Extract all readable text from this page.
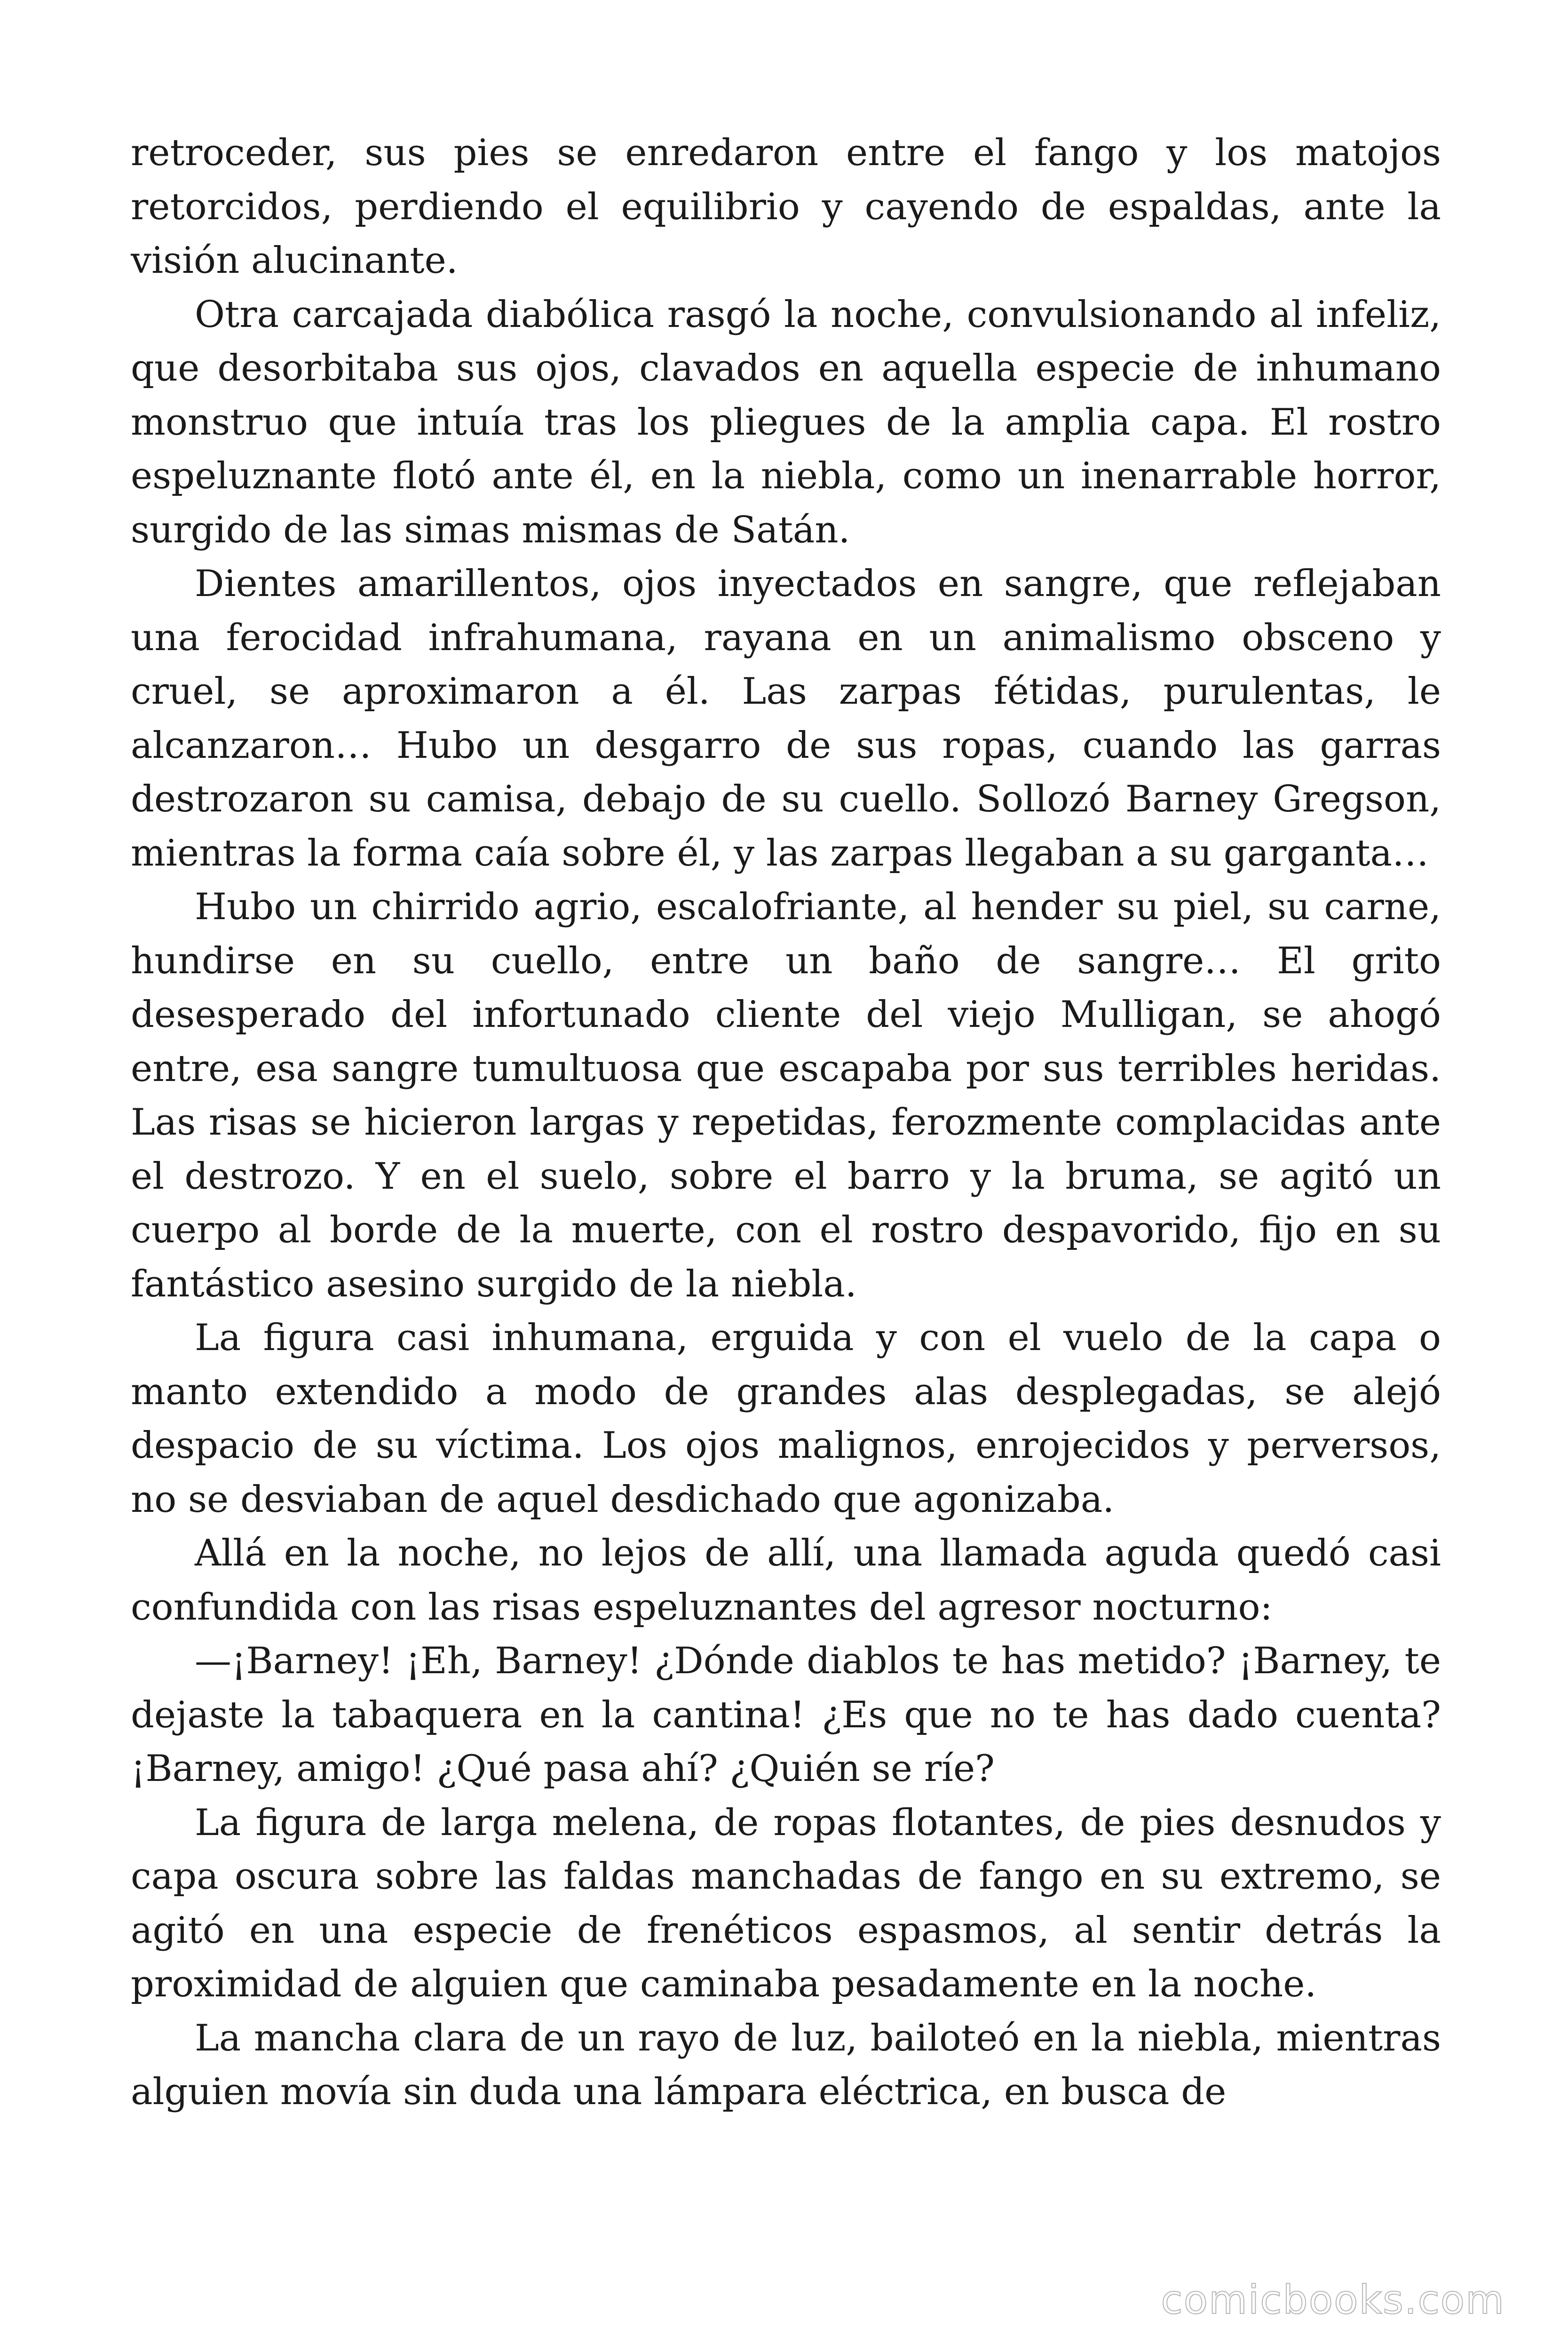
retroceder, sus pies se enredaron entre el fango y los matojos retorcidos, perdiendo el equilibrio y cayendo de espaldas, ante la visión alucinante.

Otra carcajada diabólica rasgó la noche, convulsionando al infeliz, que desorbitaba sus ojos, clavados en aquella especie de inhumano monstruo que intuía tras los pliegues de la amplia capa. El rostro espeluznante flotó ante él, en la niebla, como un inenarrable horror, surgido de las simas mismas de Satán.

Dientes amarillentos, ojos inyectados en sangre, que reflejaban una ferocidad infrahumana, rayana en un animalismo obsceno y cruel, se aproximaron a él. Las zarpas fétidas, purulentas, le alcanzaron… Hubo un desgarro de sus ropas, cuando las garras destrozaron su camisa, debajo de su cuello. Sollozó Barney Gregson, mientras la forma caía sobre él, y las zarpas llegaban a su garganta…

Hubo un chirrido agrio, escalofriante, al hender su piel, su carne, hundirse en su cuello, entre un baño de sangre… El grito desesperado del infortunado cliente del viejo Mulligan, se ahogó entre, esa sangre tumultuosa que escapaba por sus terribles heridas. Las risas se hicieron largas y repetidas, ferozmente complacidas ante el destrozo. Y en el suelo, sobre el barro y la bruma, se agitó un cuerpo al borde de la muerte, con el rostro despavorido, fijo en su fantástico asesino surgido de la niebla.

La figura casi inhumana, erguida y con el vuelo de la capa o manto extendido a modo de grandes alas desplegadas, se alejó despacio de su víctima. Los ojos malignos, enrojecidos y perversos, no se desviaban de aquel desdichado que agonizaba.

Allá en la noche, no lejos de allí, una llamada aguda quedó casi confundida con las risas espeluznantes del agresor nocturno:

—¡Barney! ¡Eh, Barney! ¿Dónde diablos te has metido? ¡Barney, te dejaste la tabaquera en la cantina! ¿Es que no te has dado cuenta? ¡Barney, amigo! ¿Qué pasa ahí? ¿Quién se ríe?

La figura de larga melena, de ropas flotantes, de pies desnudos y capa oscura sobre las faldas manchadas de fango en su extremo, se agitó en una especie de frenéticos espasmos, al sentir detrás la proximidad de alguien que caminaba pesadamente en la noche.

La mancha clara de un rayo de luz, bailoteó en la niebla, mientras alguien movía sin duda una lámpara eléctrica, en busca de

comicbooks.com
